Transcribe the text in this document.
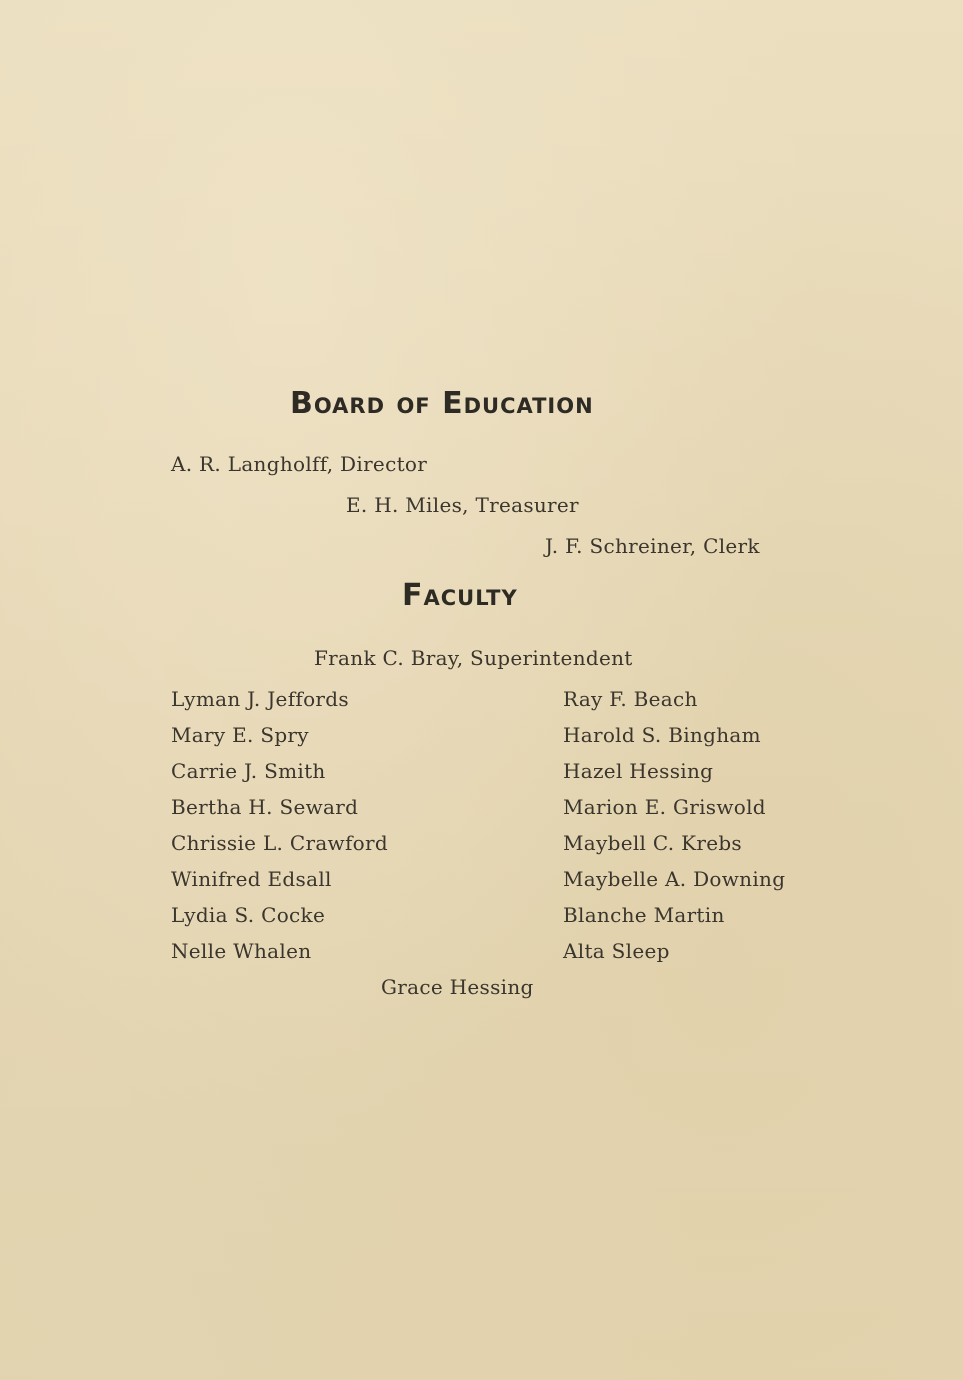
Board of Education
A. R. Langholff, Director
E. H. Miles, Treasurer
J. F. Schreiner, Clerk
Faculty
Frank C. Bray, Superintendent
Lyman J. Jeffords
Mary E. Spry
Carrie J. Smith
Bertha H. Seward
Chrissie L. Crawford
Winifred Edsall
Lydia S. Cocke
Nelle Whalen
Ray F. Beach
Harold S. Bingham
Hazel Hessing
Marion E. Griswold
Maybell C. Krebs
Maybelle A. Downing
Blanche Martin
Alta Sleep
Grace Hessing
